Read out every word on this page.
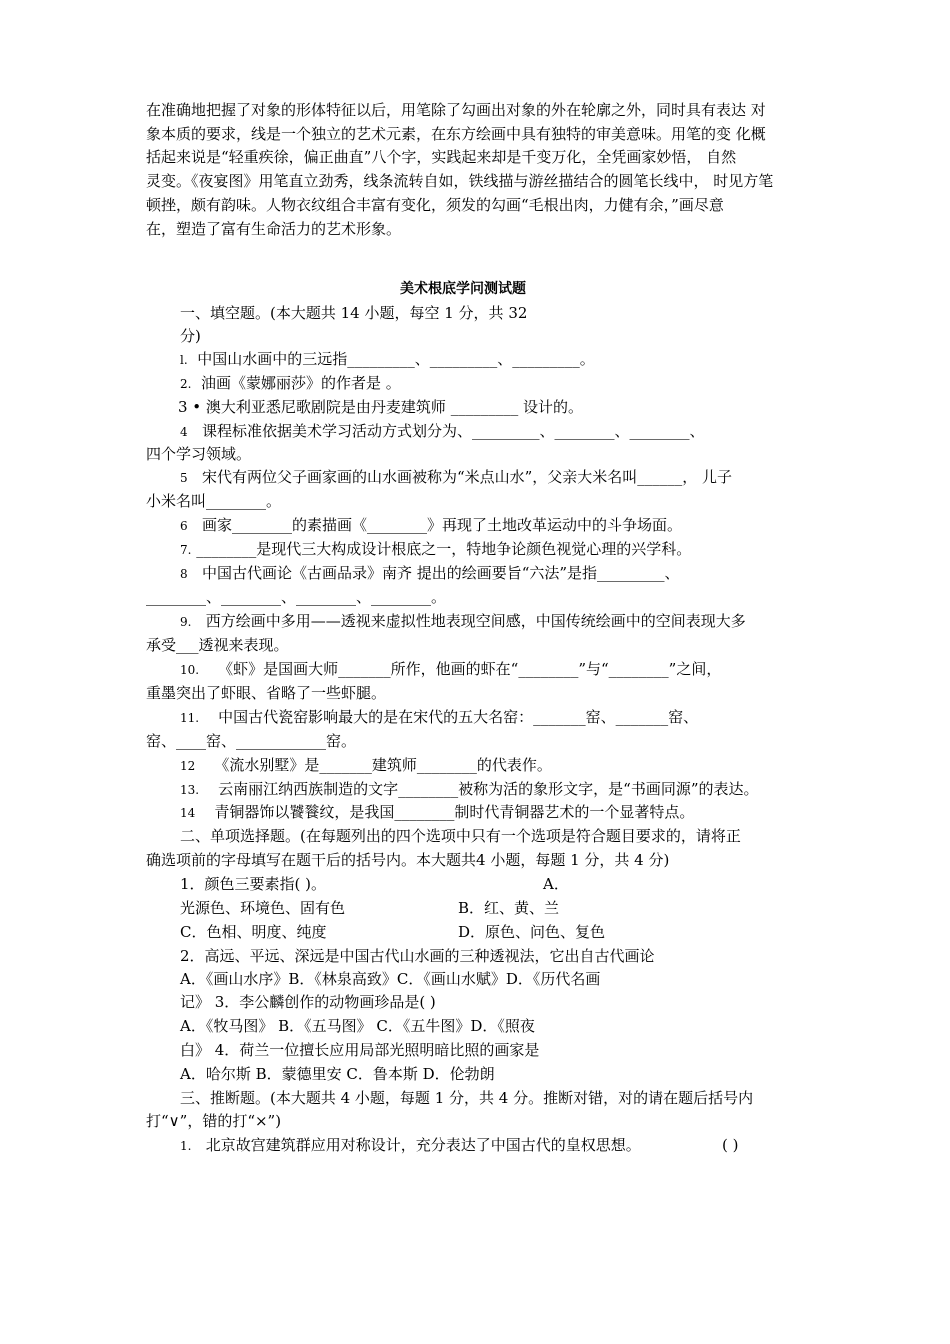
在准确地把握了对象的形体特征以后，用笔除了勾画出对象的外在轮廓之外，同时具有表达 对
象本质的要求，线是一个独立的艺术元素，在东方绘画中具有独特的审美意味。用笔的变 化概
括起来说是“轻重疾徐，偏正曲直”八个字，实践起来却是千变万化，全凭画家妙悟， 自然
灵变。《夜宴图》用笔直立劲秀，线条流转自如，铁线描与游丝描结合的圆笔长线中， 时见方笔
顿挫，颇有韵味。人物衣纹组合丰富有变化，须发的勾画“毛根出肉，力健有余，”画尽意
在，塑造了富有生命活力的艺术形象。
美术根底学问测试题
一、填空题。(本大题共 14 小题，每空 1 分，共 32
分)
l. 中国山水画中的三远指_________、_________、_________。
2. 油画《蒙娜丽莎》的作者是 。
3 • 澳大利亚悉尼歌剧院是由丹麦建筑师 _________ 设计的。
4 课程标准依据美术学习活动方式划分为、_________、________、________、
四个学习领域。
5 宋代有两位父子画家画的山水画被称为“米点山水”，父亲大米名叫______， 儿子
小米名叫________。
6 画家________的素描画《________》再现了土地改革运动中的斗争场面。
7. ________是现代三大构成设计根底之一，特地争论颜色视觉心理的兴学科。
8 中国古代画论《古画品录》南齐 提出的绘画要旨“六法”是指_________、
________、________、________、________。
9. 西方绘画中多用——透视来虚拟性地表现空间感，中国传统绘画中的空间表现大多
承受___透视来表现。
10. 《虾》是国画大师_______所作，他画的虾在“________”与“________”之间，
重墨突出了虾眼、省略了一些虾腿。
11. 中国古代瓷窑影响最大的是在宋代的五大名窑：_______窑、_______窑、
窑、____窑、____________窑。
12 《流水别墅》是_______建筑师________的代表作。
13. 云南丽江纳西族制造的文字________被称为活的象形文字，是“书画同源”的表达。
14 青铜器饰以饕餮纹，是我国________制时代青铜器艺术的一个显著特点。
二、单项选择题。(在每题列出的四个选项中只有一个选项是符合题目要求的，请将正
确选项前的字母填写在题干后的括号内。本大题共4 小题，每题 1 分，共 4 分)
1．颜色三要素指( )。	A．
光源色、环境色、固有色	B．红、黄、兰
C．色相、明度、纯度	D．原色、问色、复色
2．高远、平远、深远是中国古代山水画的三种透视法，它出自古代画论
A．《画山水序》B．《林泉高致》C．《画山水赋》D．《历代名画
记》 3．李公麟创作的动物画珍品是( )
A．《牧马图》 B．《五马图》 C．《五牛图》D．《照夜
白》 4．荷兰一位擅长应用局部光照明暗比照的画家是
A．哈尔斯 B．蒙德里安 C．鲁本斯 D．伦勃朗
三、推断题。(本大题共 4 小题，每题 1 分，共 4 分。推断对错，对的请在题后括号内
打“∨”，错的打“×”)
1. 北京故宫建筑群应用对称设计，充分表达了中国古代的皇权思想。	( )
